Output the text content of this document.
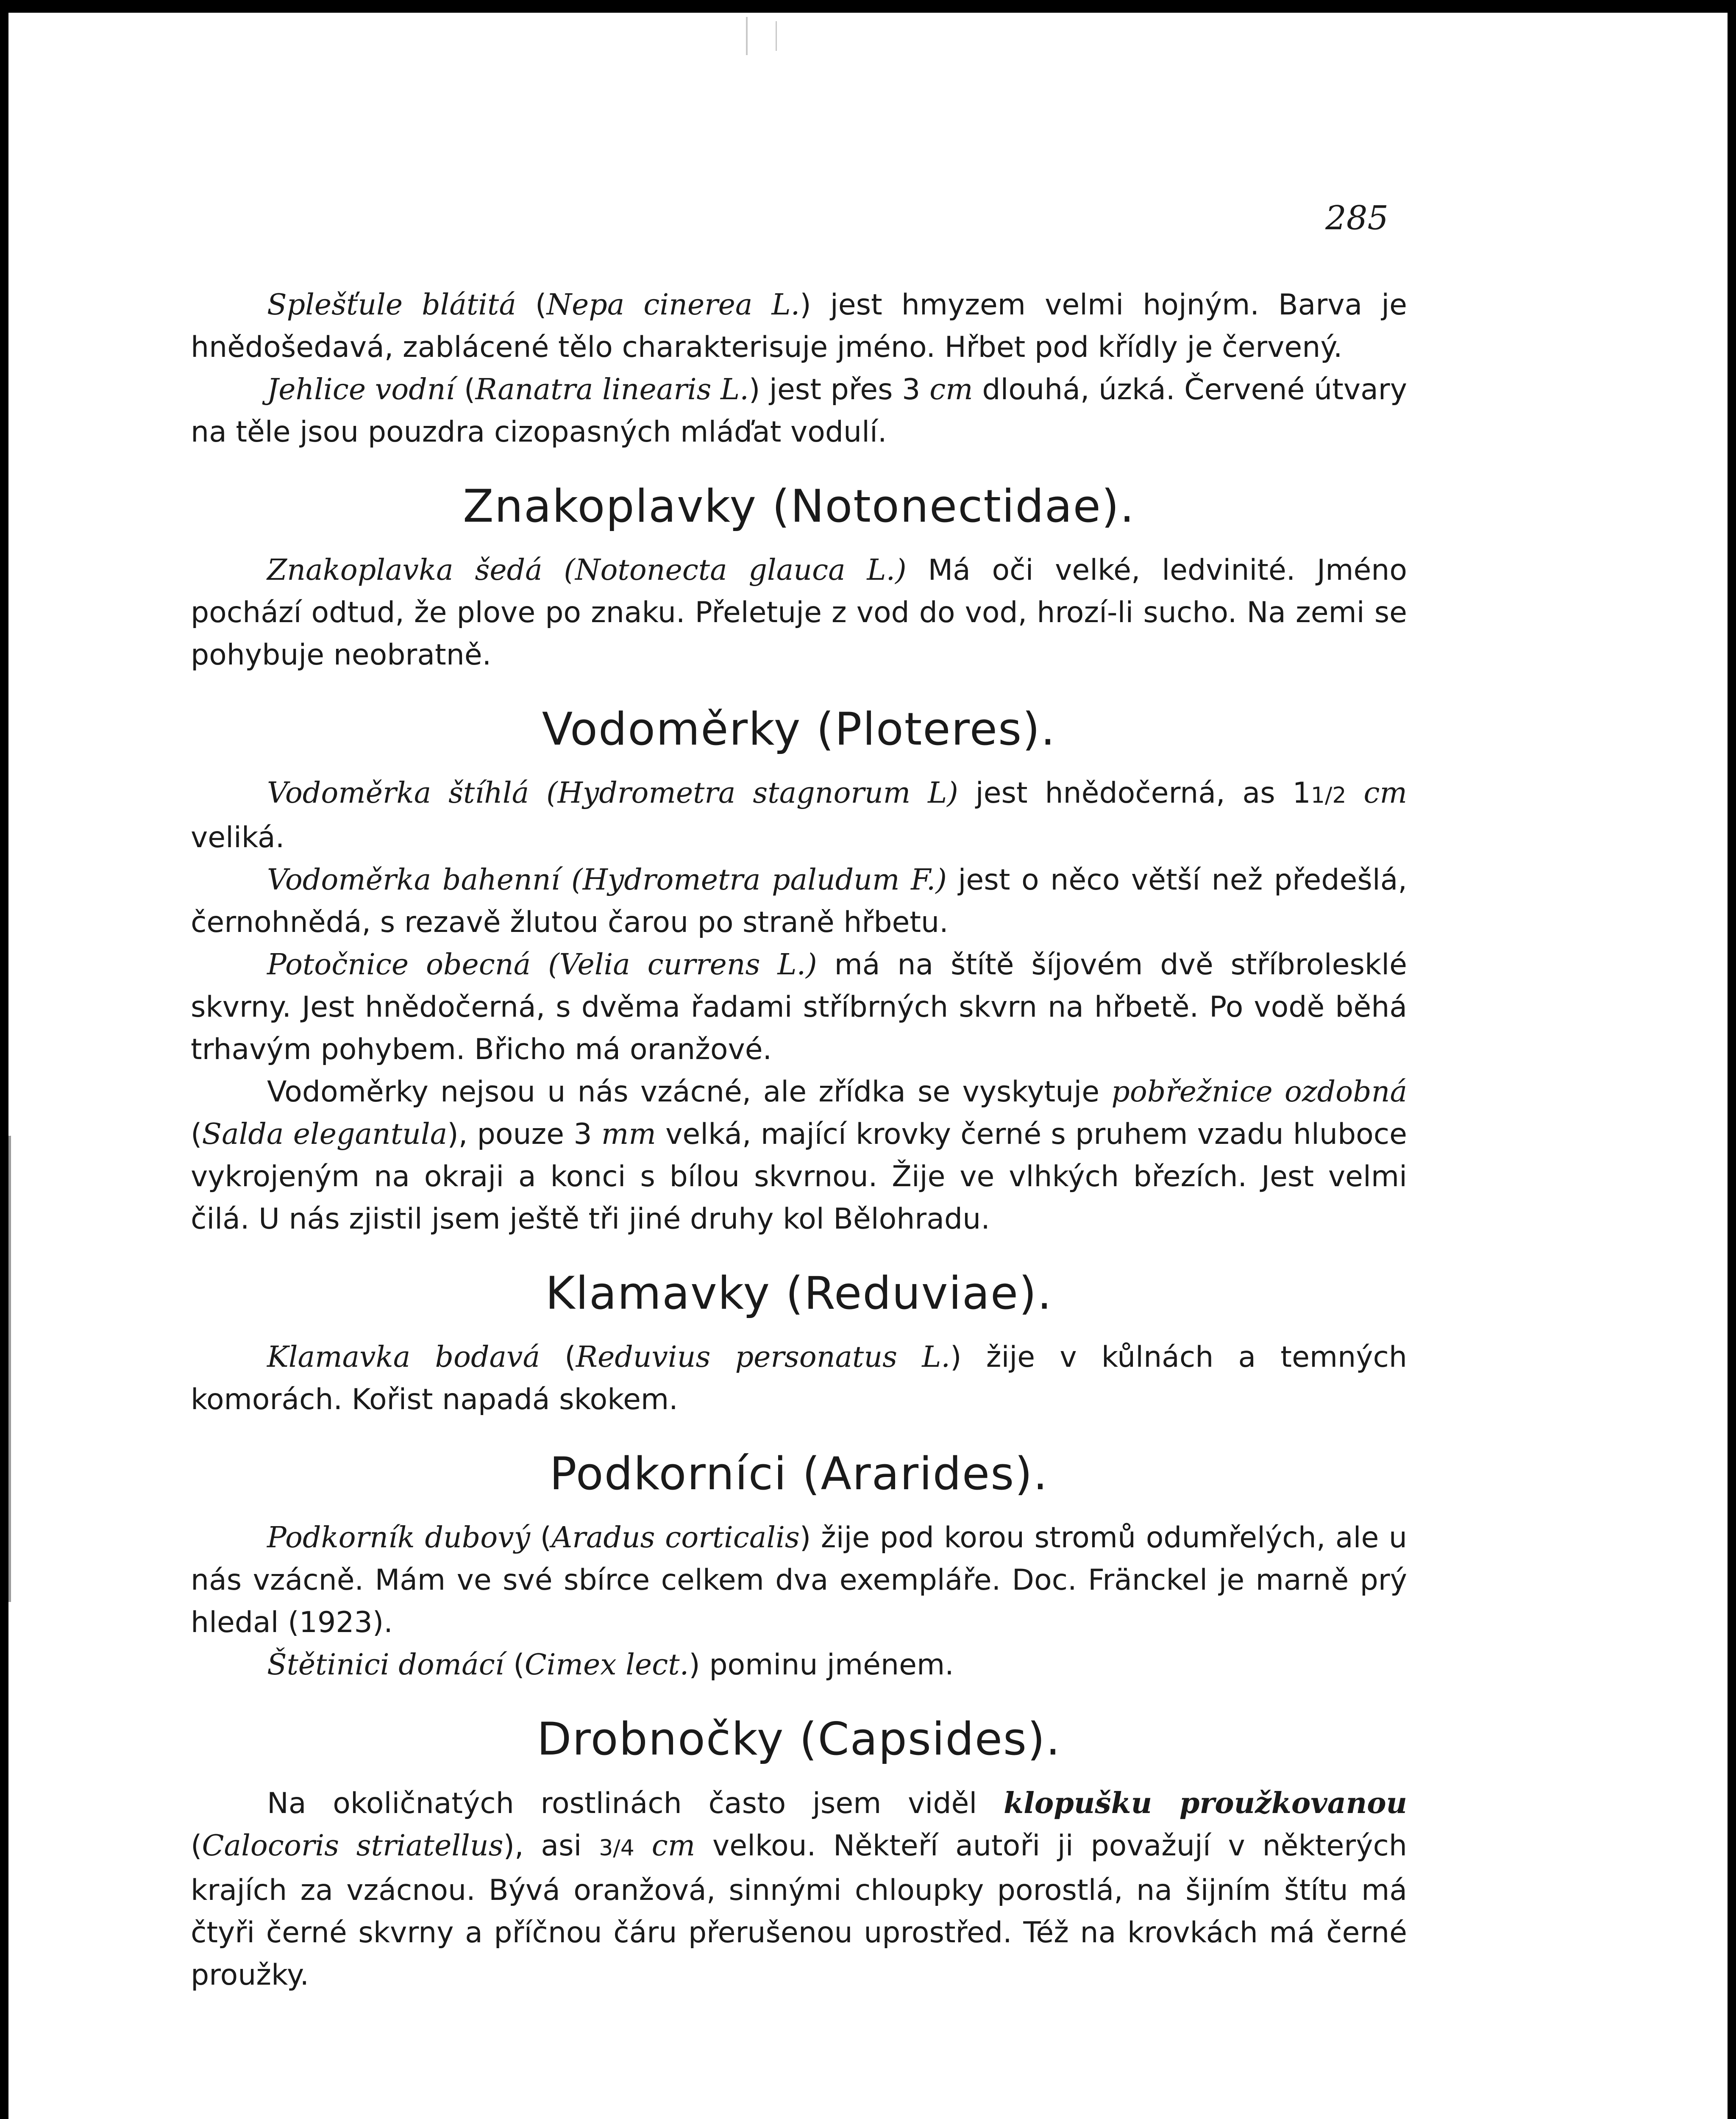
285

Splešťule blátitá (Nepa cinerea L.) jest hmyzem velmi hojným. Barva je hnědošedavá, zablácené tělo charakterisuje jméno. Hřbet pod křídly je červený.

Jehlice vodní (Ranatra linearis L.) jest přes 3 cm dlouhá, úzká. Červené útvary na těle jsou pouzdra cizopasných mláďat vodulí.

Znakoplavky (Notonectidae).

Znakoplavka šedá (Notonecta glauca L.) Má oči velké, ledvinité. Jméno pochází odtud, že plove po znaku. Přeletuje z vod do vod, hrozí-li sucho. Na zemi se pohybuje neobratně.

Vodoměrky (Ploteres).

Vodoměrka štíhlá (Hydrometra stagnorum L) jest hnědočerná, as 11/2 cm veliká.

Vodoměrka bahenní (Hydrometra paludum F.) jest o něco větší než předešlá, černohnědá, s rezavě žlutou čarou po straně hřbetu.

Potočnice obecná (Velia currens L.) má na štítě šíjovém dvě stříbrolesklé skvrny. Jest hnědočerná, s dvěma řadami stříbrných skvrn na hřbetě. Po vodě běhá trhavým pohybem. Břicho má oranžové.

Vodoměrky nejsou u nás vzácné, ale zřídka se vyskytuje pobřežnice ozdobná (Salda elegantula), pouze 3 mm velká, mající krovky černé s pruhem vzadu hluboce vykrojeným na okraji a konci s bílou skvrnou. Žije ve vlhkých březích. Jest velmi čilá. U nás zjistil jsem ještě tři jiné druhy kol Bělohradu.

Klamavky (Reduviae).

Klamavka bodavá (Reduvius personatus L.) žije v kůlnách a temných komorách. Kořist napadá skokem.

Podkorníci (Ararides).

Podkorník dubový (Aradus corticalis) žije pod korou stromů odumřelých, ale u nás vzácně. Mám ve své sbírce celkem dva exempláře. Doc. Fränckel je marně prý hledal (1923).

Štětinici domácí (Cimex lect.) pominu jménem.

Drobnočky (Capsides).

Na okoličnatých rostlinách často jsem viděl klopušku proužkovanou (Calocoris striatellus), asi 3/4 cm velkou. Někteří autoři ji považují v některých krajích za vzácnou. Bývá oranžová, sinnými chloupky porostlá, na šijním štítu má čtyři černé skvrny a příčnou čáru přerušenou uprostřed. Též na krovkách má černé proužky.
